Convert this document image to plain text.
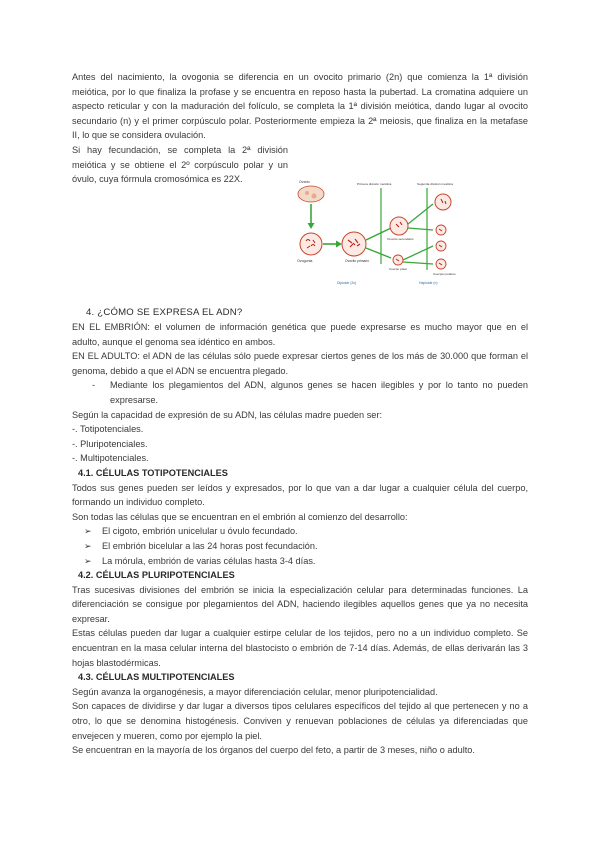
Antes del nacimiento, la ovogonia se diferencia en un ovocito primario (2n) que comienza la 1ª división meiótica, por lo que finaliza la profase y se encuentra en reposo hasta la pubertad. La cromatina adquiere un aspecto reticular y con la maduración del folículo, se completa la 1ª división meiótica, dando lugar al ovocito secundario (n) y el primer corpúsculo polar. Posteriormente empieza la 2ª meiosis, que finaliza en la metafase II, lo que se considera ovulación.

Si hay fecundación, se completa la 2ª división meiótica y se obtiene el 2º corpúsculo polar y un óvulo, cuya fórmula cromosómica es 22X.	Ovario
Ovogonia	Ovocito primario
Primera división meiótica	Segunda división meiótica
Ovocito secundario
Cuerpo polar
Cuerpos polares
Diploide (2n)	Haploide (n)
4. ¿CÓMO SE EXPRESA EL ADN?

EN EL EMBRIÓN: el volumen de información genética que puede expresarse es mucho mayor que en el adulto, aunque el genoma sea idéntico en ambos.

EN EL ADULTO: el ADN de las células sólo puede expresar ciertos genes de los más de 30.000 que forman el genoma, debido a que el ADN se encuentra plegado.

- Mediante los plegamientos del ADN, algunos genes se hacen ilegibles y por lo tanto no pueden expresarse.

Según la capacidad de expresión de su ADN, las células madre pueden ser:

-. Totipotenciales.

-. Pluripotenciales.

-. Multipotenciales.

4.1. CÉLULAS TOTIPOTENCIALES

Todos sus genes pueden ser leídos y expresados, por lo que van a dar lugar a cualquier célula del cuerpo, formando un individuo completo.

Son todas las células que se encuentran en el embrión al comienzo del desarrollo:

➢ El cigoto, embrión unicelular u óvulo fecundado.
➢ El embrión bicelular a las 24 horas post fecundación.
➢ La mórula, embrión de varias células hasta 3-4 días.

4.2. CÉLULAS PLURIPOTENCIALES

Tras sucesivas divisiones del embrión se inicia la especialización celular para determinadas funciones. La diferenciación se consigue por plegamientos del ADN, haciendo ilegibles aquellos genes que ya no necesita expresar.

Estas células pueden dar lugar a cualquier estirpe celular de los tejidos, pero no a un individuo completo. Se encuentran en la masa celular interna del blastocisto o embrión de 7-14 días. Además, de ellas derivarán las 3 hojas blastodérmicas.

4.3. CÉLULAS MULTIPOTENCIALES

Según avanza la organogénesis, a mayor diferenciación celular, menor pluripotencialidad.

Son capaces de dividirse y dar lugar a diversos tipos celulares específicos del tejido al que pertenecen y no a otro, lo que se denomina histogénesis. Conviven y renuevan poblaciones de células ya diferenciadas que envejecen y mueren, como por ejemplo la piel.

Se encuentran en la mayoría de los órganos del cuerpo del feto, a partir de 3 meses, niño o adulto.
